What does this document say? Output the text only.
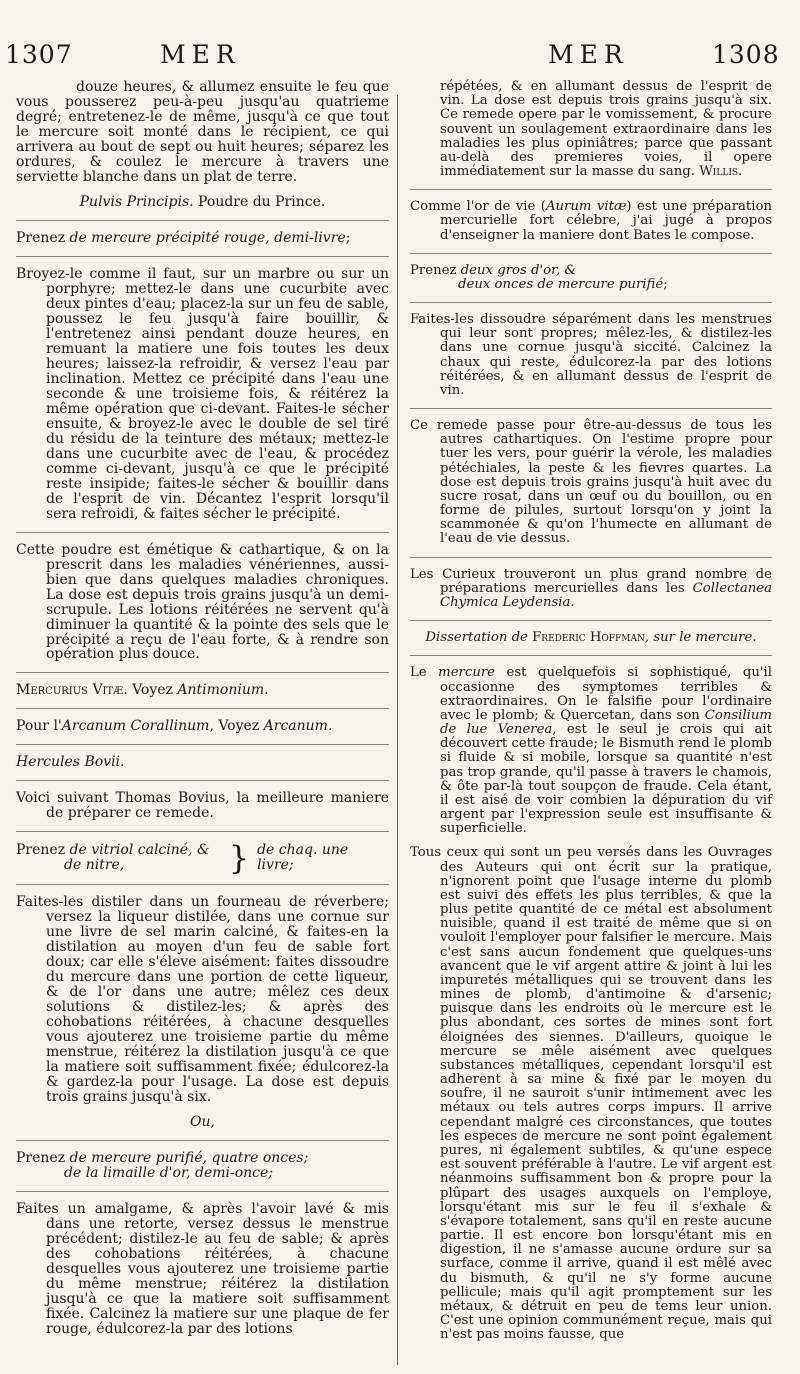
1307	MER	MER	1308

douze heures, & allumez ensuite le feu que vous pousserez peu-à-peu jusqu'au quatrieme degré; entretenez-le de même, jusqu'à ce que tout le mercure soit monté dans le récipient, ce qui arrivera au bout de sept ou huit heures; séparez les ordures, & coulez le mercure à travers une serviette blanche dans un plat de terre.

Pulvis Principis. Poudre du Prince.

Prenez de mercure précipité rouge, demi-livre;

Broyez-le comme il faut, sur un marbre ou sur un porphyre; mettez-le dans une cucurbite avec deux pintes d'eau; placez-la sur un feu de sable, poussez le feu jusqu'à faire bouillir, & l'entretenez ainsi pendant douze heures, en remuant la matiere une fois toutes les deux heures; laissez-la refroidir, & versez l'eau par inclination. Mettez ce précipité dans l'eau une seconde & une troisieme fois, & réitérez la même opération que ci-devant. Faites-le sécher ensuite, & broyez-le avec le double de sel tiré du résidu de la teinture des métaux; mettez-le dans une cucurbite avec de l'eau, & procédez comme ci-devant, jusqu'à ce que le précipité reste insipide; faites-le sécher & bouillir dans de l'esprit de vin. Décantez l'esprit lorsqu'il sera refroidi, & faites sécher le précipité.

Cette poudre est émétique & cathartique, & on la prescrit dans les maladies vénériennes, aussi-bien que dans quelques maladies chroniques. La dose est depuis trois grains jusqu'à un demi-scrupule. Les lotions réitérées ne servent qu'à diminuer la quantité & la pointe des sels que le précipité a reçu de l'eau forte, & à rendre son opération plus douce.

Mercurius Vitæ. Voyez Antimonium.

Pour l'Arcanum Corallinum, Voyez Arcanum.

Hercules Bovii.

Voici suivant Thomas Bovius, la meilleure maniere de préparer ce remede.

Prenez de vitriol calciné, &
de nitre,	} de chaq. une livre;

Faites-les distiler dans un fourneau de réverbere; versez la liqueur distilée, dans une cornue sur une livre de sel marin calciné, & faites-en la distilation au moyen d'un feu de sable fort doux; car elle s'éleve aisément: faites dissoudre du mercure dans une portion de cette liqueur, & de l'or dans une autre; mêlez ces deux solutions & distilez-les; & après des cohobations réitérées, à chacune desquelles vous ajouterez une troisieme partie du même menstrue, réitérez la distilation jusqu'à ce que la matiere soit suffisamment fixée; édulcorez-la & gardez-la pour l'usage. La dose est depuis trois grains jusqu'à six.

Ou,

Prenez de mercure purifié, quatre onces;
de la limaille d'or, demi-once;

Faites un amalgame, & après l'avoir lavé & mis dans une retorte, versez dessus le menstrue précédent; distilez-le au feu de sable; & après des cohobations réitérées, à chacune desquelles vous ajouterez une troisieme partie du même menstrue; réitérez la distilation jusqu'à ce que la matiere soit suffisamment fixée. Calcinez la matiere sur une plaque de fer rouge, édulcorez-la par des lotions

répétées, & en allumant dessus de l'esprit de vin. La dose est depuis trois grains jusqu'à six. Ce remede opere par le vomissement, & procure souvent un soulagement extraordinaire dans les maladies les plus opiniâtres; parce que passant au-delà des premieres voies, il opere immédiatement sur la masse du sang. Willis.

Comme l'or de vie (Aurum vitæ) est une préparation mercurielle fort célebre, j'ai jugé à propos d'enseigner la maniere dont Bates le compose.

Prenez deux gros d'or, &
deux onces de mercure purifié;

Faites-les dissoudre séparément dans les menstrues qui leur sont propres; mêlez-les, & distilez-les dans une cornue jusqu'à siccité. Calcinez la chaux qui reste, édulcorez-la par des lotions réitérées, & en allumant dessus de l'esprit de vin.

Ce remede passe pour être-au-dessus de tous les autres cathartiques. On l'estime propre pour tuer les vers, pour guérir la vérole, les maladies pétéchiales, la peste & les fievres quartes. La dose est depuis trois grains jusqu'à huit avec du sucre rosat, dans un œuf ou du bouillon, ou en forme de pilules, surtout lorsqu'on y joint la scammonée & qu'on l'humecte en allumant de l'eau de vie dessus.

Les Curieux trouveront un plus grand nombre de préparations mercurielles dans les Collectanea Chymica Leydensia.

Dissertation de Frederic Hoffman, sur le mercure.

Le mercure est quelquefois si sophistiqué, qu'il occasionne des symptomes terribles & extraordinaires. On le falsifie pour l'ordinaire avec le plomb; & Quercetan, dans son Consilium de lue Venerea, est le seul je crois qui ait découvert cette fraude; le Bismuth rend le plomb si fluide & si mobile, lorsque sa quantité n'est pas trop grande, qu'il passe à travers le chamois, & ôte par-là tout soupçon de fraude. Cela étant, il est aisé de voir combien la dépuration du vif argent par l'expression seule est insuffisante & superficielle.

Tous ceux qui sont un peu versés dans les Ouvrages des Auteurs qui ont écrit sur la pratique, n'ignorent point que l'usage interne du plomb est suivi des effets les plus terribles, & que la plus petite quantité de ce métal est absolument nuisible, quand il est traité de même que si on vouloit l'employer pour falsifier le mercure. Mais c'est sans aucun fondement que quelques-uns avancent que le vif argent attire & joint à lui les impuretés métalliques qui se trouvent dans les mines de plomb, d'antimoine & d'arsenic; puisque dans les endroits où le mercure est le plus abondant, ces sortes de mines sont fort éloignées des siennes. D'ailleurs, quoique le mercure se mêle aisément avec quelques substances métalliques, cependant lorsqu'il est adherent à sa mine & fixé par le moyen du soufre, il ne sauroit s'unir intimement avec les métaux ou tels autres corps impurs. Il arrive cependant malgré ces circonstances, que toutes les especes de mercure ne sont point également pures, ni également subtiles, & qu'une espece est souvent préférable à l'autre. Le vif argent est néanmoins suffisamment bon & propre pour la plûpart des usages auxquels on l'employe, lorsqu'étant mis sur le feu il s'exhale & s'évapore totalement, sans qu'il en reste aucune partie. Il est encore bon lorsqu'étant mis en digestion, il ne s'amasse aucune ordure sur sa surface, comme il arrive, quand il est mêlé avec du bismuth, & qu'il ne s'y forme aucune pellicule; mais qu'il agit promptement sur les métaux, & détruit en peu de tems leur union. C'est une opinion communément reçue, mais qui n'est pas moins fausse, que
